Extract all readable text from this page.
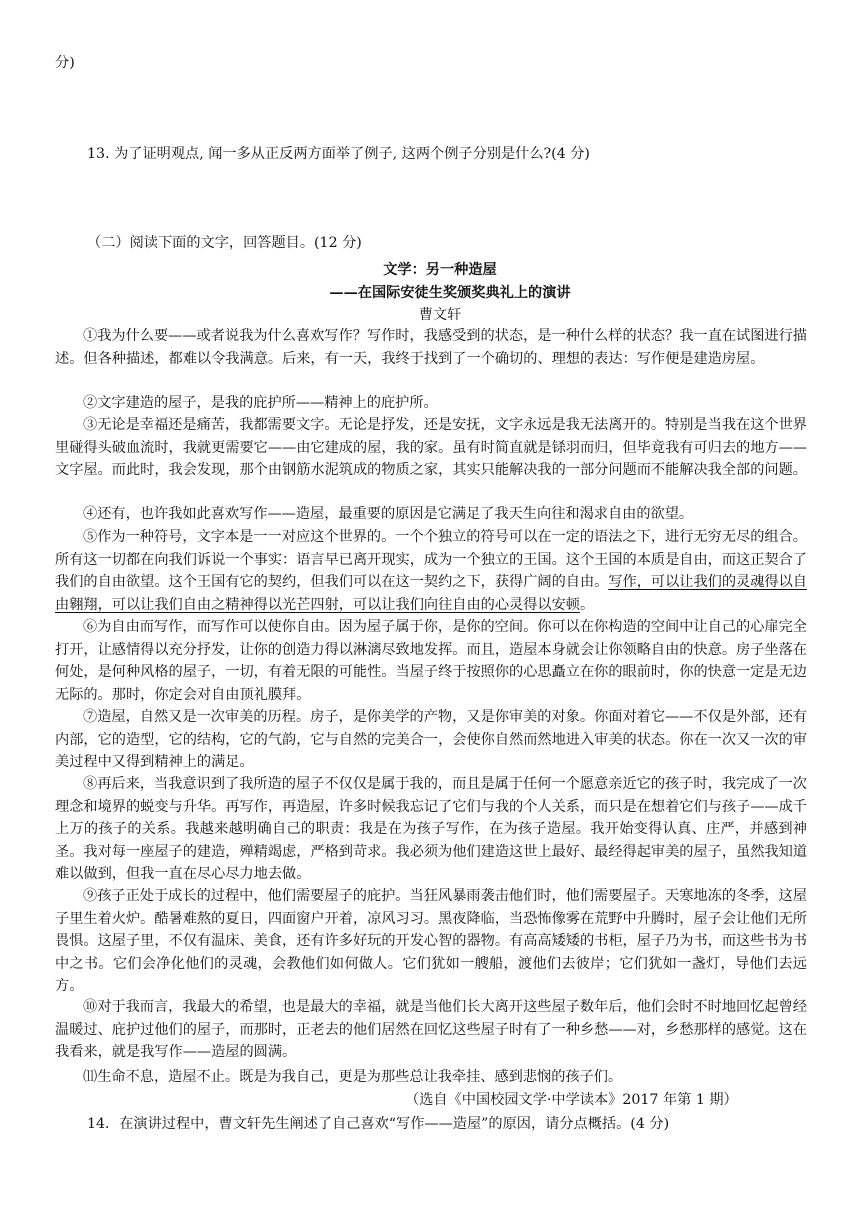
分)
13. 为了证明观点, 闻一多从正反两方面举了例子, 这两个例子分别是什么?(4 分)
（二）阅读下面的文字，回答题目。(12 分)
文学：另一种造屋
——在国际安徒生奖颁奖典礼上的演讲
曹文轩
①我为什么要——或者说我为什么喜欢写作？写作时，我感受到的状态，是一种什么样的状态？我一直在试图进行描述。但各种描述，都难以令我满意。后来，有一天，我终于找到了一个确切的、理想的表达：写作便是建造房屋。
②文字建造的屋子，是我的庇护所——精神上的庇护所。
③无论是幸福还是痛苦，我都需要文字。无论是抒发，还是安抚，文字永远是我无法离开的。特别是当我在这个世界里碰得头破血流时，我就更需要它——由它建成的屋，我的家。虽有时简直就是铩羽而归，但毕竟我有可归去的地方——文字屋。而此时，我会发现，那个由钢筋水泥筑成的物质之家，其实只能解决我的一部分问题而不能解决我全部的问题。
④还有，也许我如此喜欢写作——造屋，最重要的原因是它满足了我天生向往和渴求自由的欲望。
⑤作为一种符号，文字本是一一对应这个世界的。一个个独立的符号可以在一定的语法之下，进行无穷无尽的组合。所有这一切都在向我们诉说一个事实：语言早已离开现实，成为一个独立的王国。这个王国的本质是自由，而这正契合了我们的自由欲望。这个王国有它的契约，但我们可以在这一契约之下，获得广阔的自由。写作，可以让我们的灵魂得以自由翱翔，可以让我们自由之精神得以光芒四射，可以让我们向往自由的心灵得以安顿。
⑥为自由而写作，而写作可以使你自由。因为屋子属于你，是你的空间。你可以在你构造的空间中让自己的心扉完全打开，让感情得以充分抒发，让你的创造力得以淋漓尽致地发挥。而且，造屋本身就会让你领略自由的快意。房子坐落在何处，是何种风格的屋子，一切，有着无限的可能性。当屋子终于按照你的心思矗立在你的眼前时，你的快意一定是无边无际的。那时，你定会对自由顶礼膜拜。
⑦造屋，自然又是一次审美的历程。房子，是你美学的产物，又是你审美的对象。你面对着它——不仅是外部，还有内部，它的造型，它的结构，它的气韵，它与自然的完美合一，会使你自然而然地进入审美的状态。你在一次又一次的审美过程中又得到精神上的满足。
⑧再后来，当我意识到了我所造的屋子不仅仅是属于我的，而且是属于任何一个愿意亲近它的孩子时，我完成了一次理念和境界的蜕变与升华。再写作，再造屋，许多时候我忘记了它们与我的个人关系，而只是在想着它们与孩子——成千上万的孩子的关系。我越来越明确自己的职责：我是在为孩子写作，在为孩子造屋。我开始变得认真、庄严，并感到神圣。我对每一座屋子的建造，殚精竭虑，严格到苛求。我必须为他们建造这世上最好、最经得起审美的屋子，虽然我知道难以做到，但我一直在尽心尽力地去做。
⑨孩子正处于成长的过程中，他们需要屋子的庇护。当狂风暴雨袭击他们时，他们需要屋子。天寒地冻的冬季，这屋子里生着火炉。酷暑难熬的夏日，四面窗户开着，凉风习习。黑夜降临，当恐怖像雾在荒野中升腾时，屋子会让他们无所畏惧。这屋子里，不仅有温床、美食，还有许多好玩的开发心智的器物。有高高矮矮的书柜，屋子乃为书，而这些书为书中之书。它们会净化他们的灵魂，会教他们如何做人。它们犹如一艘船，渡他们去彼岸；它们犹如一盏灯，导他们去远方。
⑩对于我而言，我最大的希望，也是最大的幸福，就是当他们长大离开这些屋子数年后，他们会时不时地回忆起曾经温暖过、庇护过他们的屋子，而那时，正老去的他们居然在回忆这些屋子时有了一种乡愁——对，乡愁那样的感觉。这在我看来，就是我写作——造屋的圆满。
⑾生命不息，造屋不止。既是为我自己，更是为那些总让我牵挂、感到悲悯的孩子们。
（选自《中国校园文学·中学读本》2017 年第 1 期）
14．在演讲过程中，曹文轩先生阐述了自己喜欢“写作——造屋”的原因，请分点概括。(4 分)
